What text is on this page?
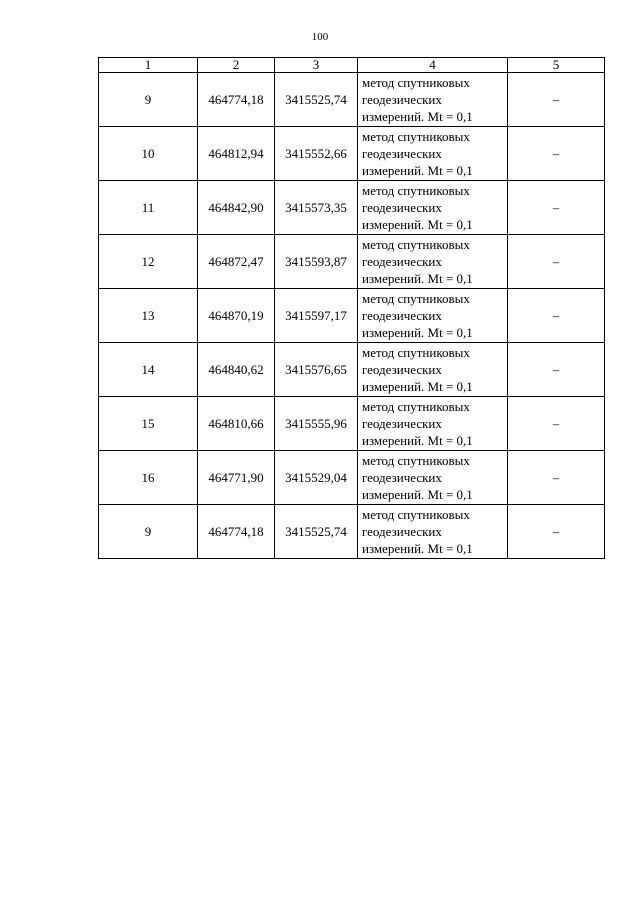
100
1	2	3	4	5
9	464774,18	3415525,74	метод спутниковых
геодезических
измерений. Mt = 0,1	–
10	464812,94	3415552,66	метод спутниковых
геодезических
измерений. Mt = 0,1	–
11	464842,90	3415573,35	метод спутниковых
геодезических
измерений. Mt = 0,1	–
12	464872,47	3415593,87	метод спутниковых
геодезических
измерений. Mt = 0,1	–
13	464870,19	3415597,17	метод спутниковых
геодезических
измерений. Mt = 0,1	–
14	464840,62	3415576,65	метод спутниковых
геодезических
измерений. Mt = 0,1	–
15	464810,66	3415555,96	метод спутниковых
геодезических
измерений. Mt = 0,1	–
16	464771,90	3415529,04	метод спутниковых
геодезических
измерений. Mt = 0,1	–
9	464774,18	3415525,74	метод спутниковых
геодезических
измерений. Mt = 0,1	–
